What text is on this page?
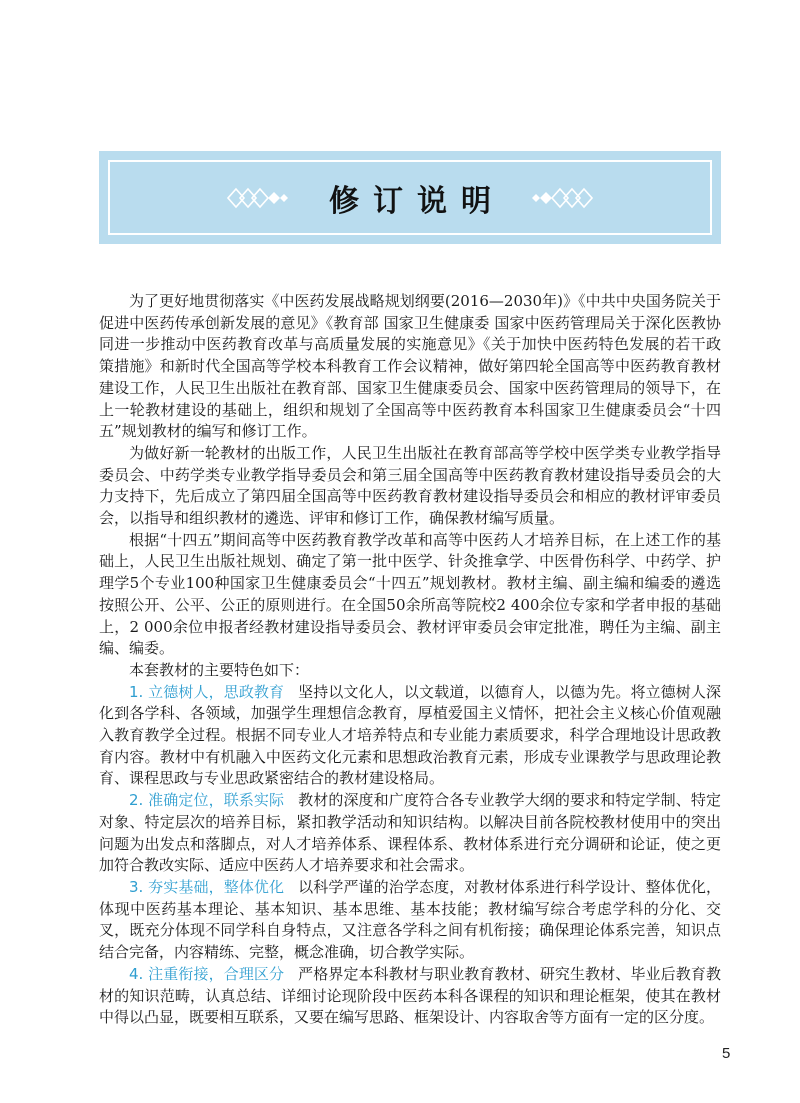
修订说明

为了更好地贯彻落实《中医药发展战略规划纲要(2016—2030年)》《中共中央国务院关于促进中医药传承创新发展的意见》《教育部 国家卫生健康委 国家中医药管理局关于深化医教协同进一步推动中医药教育改革与高质量发展的实施意见》《关于加快中医药特色发展的若干政策措施》和新时代全国高等学校本科教育工作会议精神，做好第四轮全国高等中医药教育教材建设工作，人民卫生出版社在教育部、国家卫生健康委员会、国家中医药管理局的领导下，在上一轮教材建设的基础上，组织和规划了全国高等中医药教育本科国家卫生健康委员会“十四五”规划教材的编写和修订工作。

为做好新一轮教材的出版工作，人民卫生出版社在教育部高等学校中医学类专业教学指导委员会、中药学类专业教学指导委员会和第三届全国高等中医药教育教材建设指导委员会的大力支持下，先后成立了第四届全国高等中医药教育教材建设指导委员会和相应的教材评审委员会，以指导和组织教材的遴选、评审和修订工作，确保教材编写质量。

根据“十四五”期间高等中医药教育教学改革和高等中医药人才培养目标，在上述工作的基础上，人民卫生出版社规划、确定了第一批中医学、针灸推拿学、中医骨伤科学、中药学、护理学5个专业100种国家卫生健康委员会“十四五”规划教材。教材主编、副主编和编委的遴选按照公开、公平、公正的原则进行。在全国50余所高等院校2 400余位专家和学者申报的基础上，2 000余位申报者经教材建设指导委员会、教材评审委员会审定批准，聘任为主编、副主编、编委。

本套教材的主要特色如下：

1. 立德树人，思政教育 坚持以文化人，以文载道，以德育人，以德为先。将立德树人深化到各学科、各领域，加强学生理想信念教育，厚植爱国主义情怀，把社会主义核心价值观融入教育教学全过程。根据不同专业人才培养特点和专业能力素质要求，科学合理地设计思政教育内容。教材中有机融入中医药文化元素和思想政治教育元素，形成专业课教学与思政理论教育、课程思政与专业思政紧密结合的教材建设格局。

2. 准确定位，联系实际 教材的深度和广度符合各专业教学大纲的要求和特定学制、特定对象、特定层次的培养目标，紧扣教学活动和知识结构。以解决目前各院校教材使用中的突出问题为出发点和落脚点，对人才培养体系、课程体系、教材体系进行充分调研和论证，使之更加符合教改实际、适应中医药人才培养要求和社会需求。

3. 夯实基础，整体优化 以科学严谨的治学态度，对教材体系进行科学设计、整体优化，体现中医药基本理论、基本知识、基本思维、基本技能；教材编写综合考虑学科的分化、交叉，既充分体现不同学科自身特点，又注意各学科之间有机衔接；确保理论体系完善，知识点结合完备，内容精练、完整，概念准确，切合教学实际。

4. 注重衔接，合理区分 严格界定本科教材与职业教育教材、研究生教材、毕业后教育教材的知识范畴，认真总结、详细讨论现阶段中医药本科各课程的知识和理论框架，使其在教材中得以凸显，既要相互联系，又要在编写思路、框架设计、内容取舍等方面有一定的区分度。

5
